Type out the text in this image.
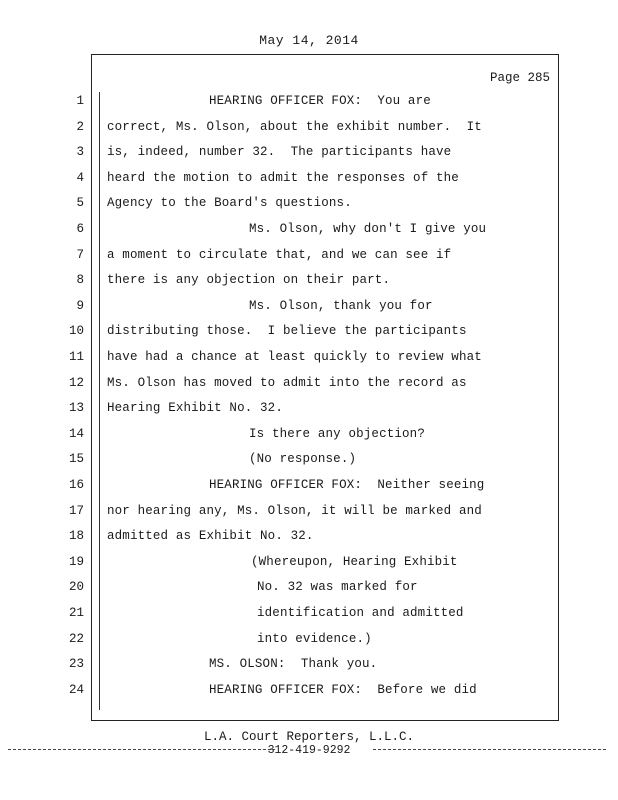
May 14, 2014
Page 285
1	HEARING OFFICER FOX:  You are
2 correct, Ms. Olson, about the exhibit number.  It
3 is, indeed, number 32.  The participants have
4 heard the motion to admit the responses of the
5 Agency to the Board's questions.
6	Ms. Olson, why don't I give you
7 a moment to circulate that, and we can see if
8 there is any objection on their part.
9	Ms. Olson, thank you for
10 distributing those.  I believe the participants
11 have had a chance at least quickly to review what
12 Ms. Olson has moved to admit into the record as
13 Hearing Exhibit No. 32.
14	Is there any objection?
15	(No response.)
16	HEARING OFFICER FOX:  Neither seeing
17 nor hearing any, Ms. Olson, it will be marked and
18 admitted as Exhibit No. 32.
19	(Whereupon, Hearing Exhibit
20	No. 32 was marked for
21	identification and admitted
22	into evidence.)
23	MS. OLSON:  Thank you.
24	HEARING OFFICER FOX:  Before we did
L.A. Court Reporters, L.L.C.
312-419-9292
